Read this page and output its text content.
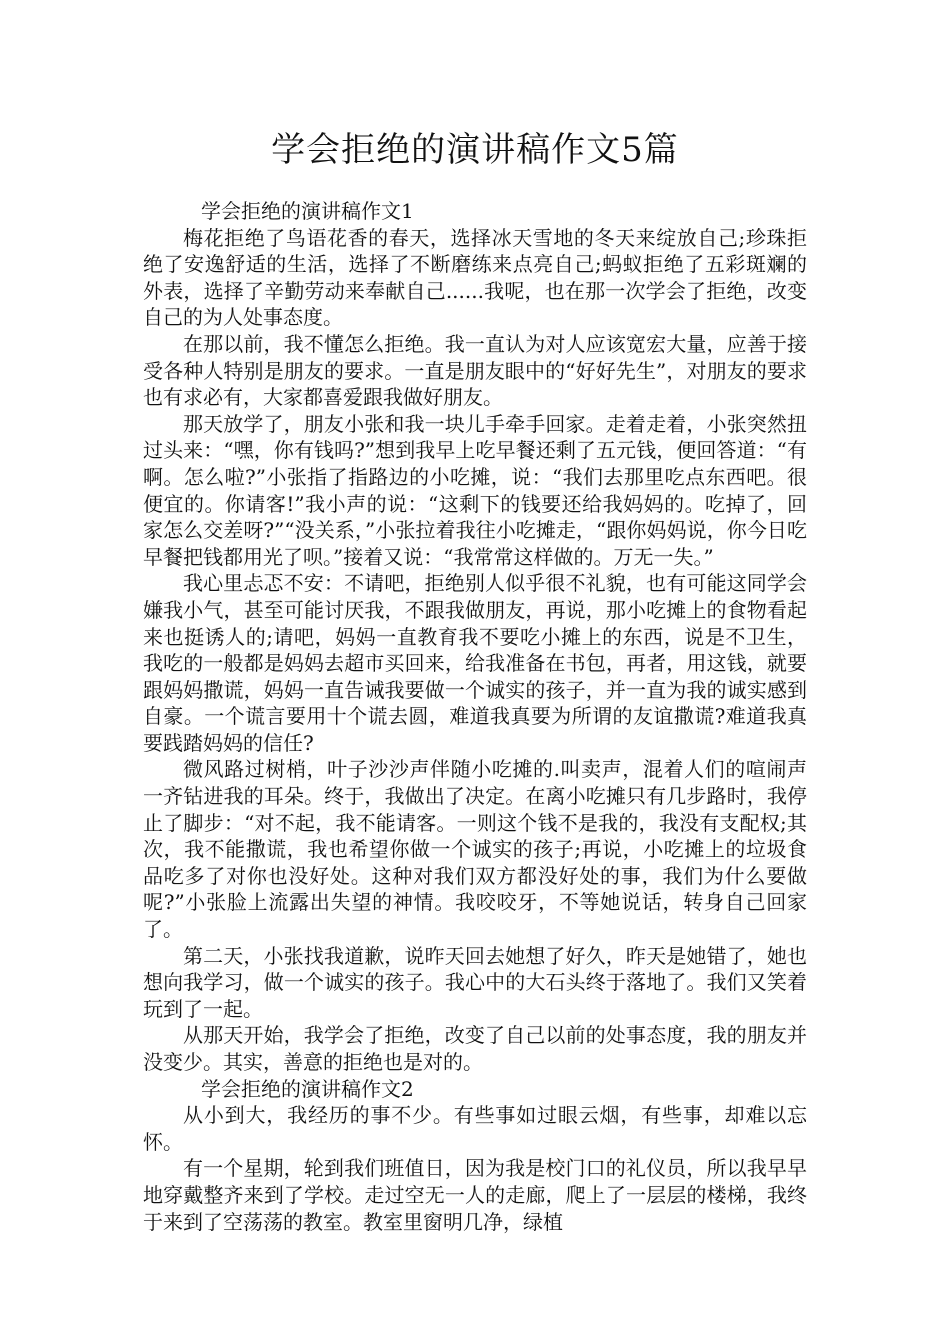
学会拒绝的演讲稿作文5篇

学会拒绝的演讲稿作文1

梅花拒绝了鸟语花香的春天，选择冰天雪地的冬天来绽放自己;珍珠拒绝了安逸舒适的生活，选择了不断磨练来点亮自己;蚂蚁拒绝了五彩斑斓的外表，选择了辛勤劳动来奉献自己......我呢，也在那一次学会了拒绝，改变自己的为人处事态度。

在那以前，我不懂怎么拒绝。我一直认为对人应该宽宏大量，应善于接受各种人特别是朋友的要求。一直是朋友眼中的“好好先生”，对朋友的要求也有求必有，大家都喜爱跟我做好朋友。

那天放学了，朋友小张和我一块儿手牵手回家。走着走着，小张突然扭过头来：“嘿，你有钱吗?”想到我早上吃早餐还剩了五元钱，便回答道：“有啊。怎么啦?”小张指了指路边的小吃摊，说：“我们去那里吃点东西吧。很便宜的。你请客!”我小声的说：“这剩下的钱要还给我妈妈的。吃掉了，回家怎么交差呀?”“没关系，”小张拉着我往小吃摊走，“跟你妈妈说，你今日吃早餐把钱都用光了呗。”接着又说：“我常常这样做的。万无一失。”

我心里忐忑不安：不请吧，拒绝别人似乎很不礼貌，也有可能这同学会嫌我小气，甚至可能讨厌我，不跟我做朋友，再说，那小吃摊上的食物看起来也挺诱人的;请吧，妈妈一直教育我不要吃小摊上的东西，说是不卫生，我吃的一般都是妈妈去超市买回来，给我准备在书包，再者，用这钱，就要跟妈妈撒谎，妈妈一直告诫我要做一个诚实的孩子，并一直为我的诚实感到自豪。一个谎言要用十个谎去圆，难道我真要为所谓的友谊撒谎?难道我真要践踏妈妈的信任?

微风路过树梢，叶子沙沙声伴随小吃摊的.叫卖声，混着人们的喧闹声一齐钻进我的耳朵。终于，我做出了决定。在离小吃摊只有几步路时，我停止了脚步：“对不起，我不能请客。一则这个钱不是我的，我没有支配权;其次，我不能撒谎，我也希望你做一个诚实的孩子;再说，小吃摊上的垃圾食品吃多了对你也没好处。这种对我们双方都没好处的事，我们为什么要做呢?”小张脸上流露出失望的神情。我咬咬牙，不等她说话，转身自己回家了。

第二天，小张找我道歉，说昨天回去她想了好久，昨天是她错了，她也想向我学习，做一个诚实的孩子。我心中的大石头终于落地了。我们又笑着玩到了一起。

从那天开始，我学会了拒绝，改变了自己以前的处事态度，我的朋友并没变少。其实，善意的拒绝也是对的。

学会拒绝的演讲稿作文2

从小到大，我经历的事不少。有些事如过眼云烟，有些事，却难以忘怀。

有一个星期，轮到我们班值日，因为我是校门口的礼仪员，所以我早早地穿戴整齐来到了学校。走过空无一人的走廊，爬上了一层层的楼梯，我终于来到了空荡荡的教室。教室里窗明几净，绿植
